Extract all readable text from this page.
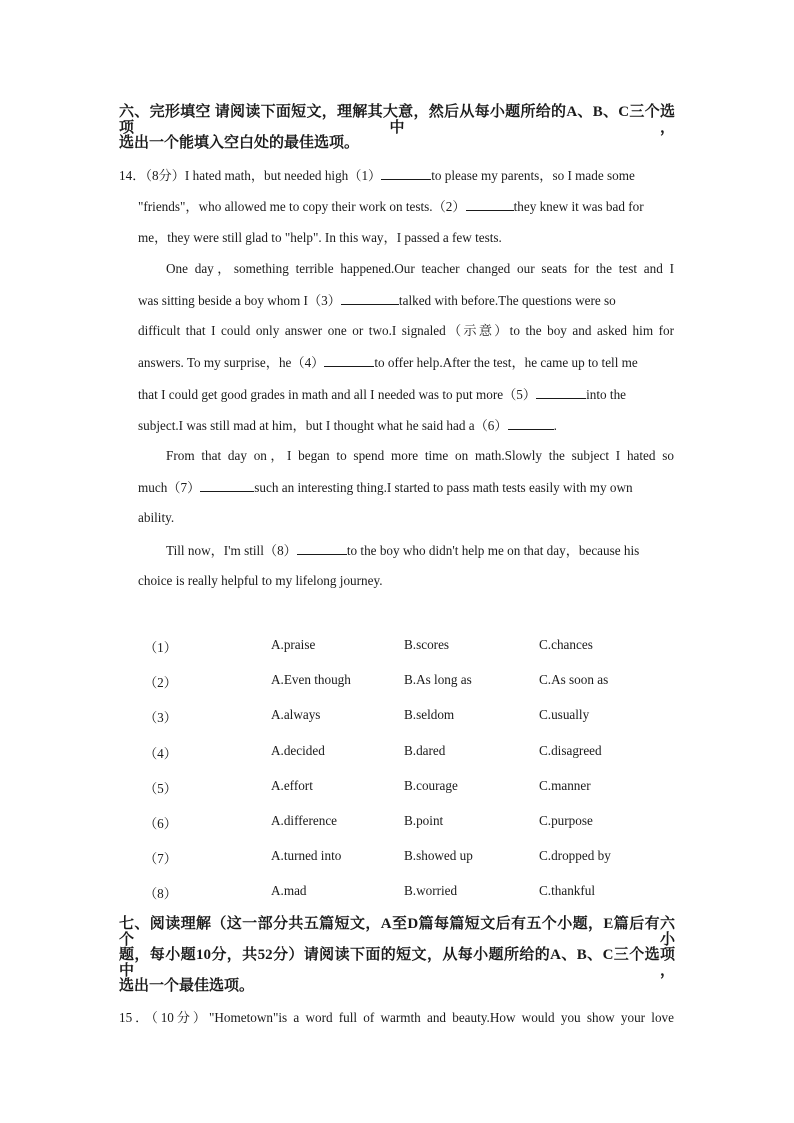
六、完形填空 请阅读下面短文，理解其大意，然后从每小题所给的A、B、C三个选项中，
选出一个能填入空白处的最佳选项。
14．（8分）I hated math，but needed high（1）	to please my parents，so I made some
"friends"，who allowed me to copy their work on tests.（2）	they knew it was bad for
me，they were still glad to "help". In this way，I passed a few tests.
One day，something terrible happened.Our teacher changed our seats for the test and I
was sitting beside a boy whom I（3）	talked with before.The questions were so
difficult that I could only answer one or two.I signaled（示意）to the boy and asked him for
answers. To my surprise，he（4）	to offer help.After the test，he came up to tell me
that I could get good grades in math and all I needed was to put more（5）	into the
subject.I was still mad at him，but I thought what he said had a（6）	.
From that day on，I began to spend more time on math.Slowly the subject I hated so
much（7）	such an interesting thing.I started to pass math tests easily with my own
ability.
Till now，I'm still（8）	to the boy who didn't help me on that day，because his
choice is really helpful to my lifelong journey.
（1）	A.praise	B.scores	C.chances
（2）	A.Even though	B.As long as	C.As soon as
（3）	A.always	B.seldom	C.usually
（4）	A.decided	B.dared	C.disagreed
（5）	A.effort	B.courage	C.manner
（6）	A.difference	B.point	C.purpose
（7）	A.turned into	B.showed up	C.dropped by
（8）	A.mad	B.worried	C.thankful
七、阅读理解（这一部分共五篇短文，A至D篇每篇短文后有五个小题，E篇后有六个小
题，每小题10分，共52分）请阅读下面的短文，从每小题所给的A、B、C三个选项中，
选出一个最佳选项。
15．（10分）"Hometown"is a word full of warmth and beauty.How would you show your love
